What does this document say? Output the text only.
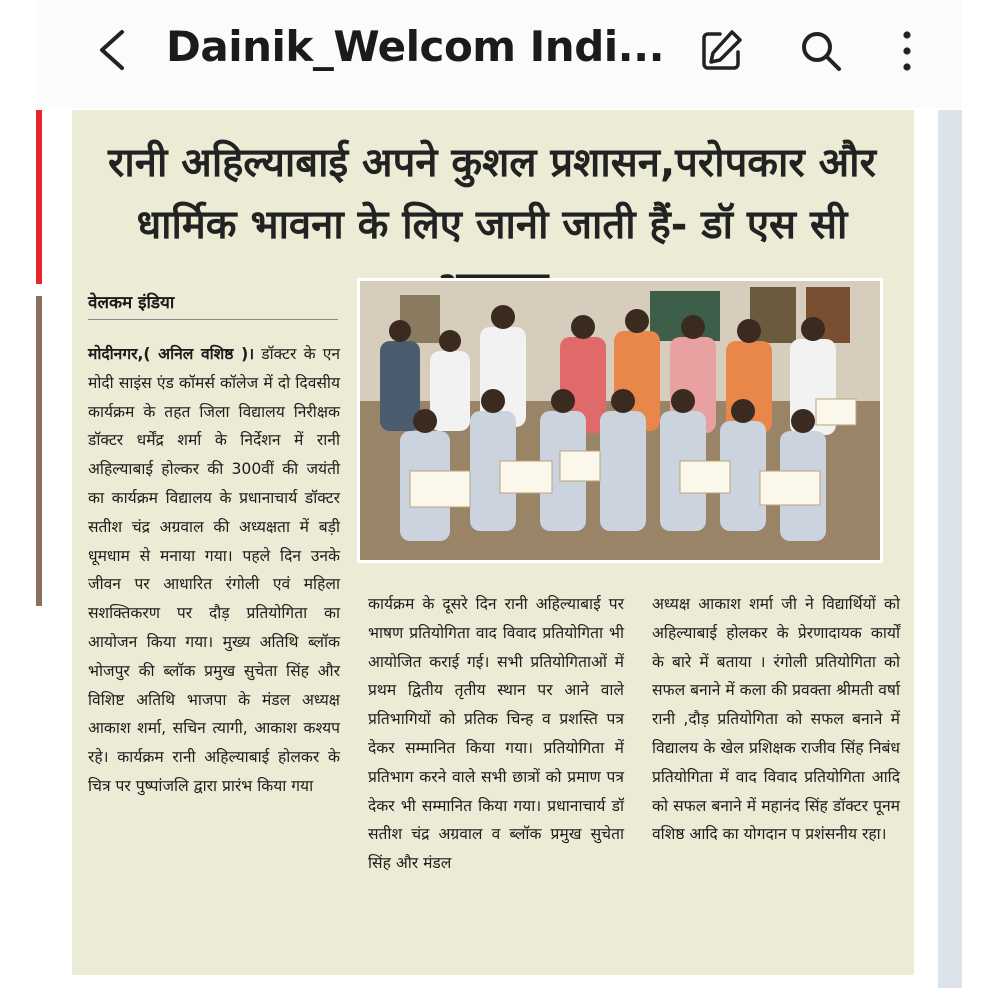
Dainik_Welcom Indi...
रानी अहिल्याबाई अपने कुशल प्रशासन,परोपकार और
धार्मिक भावना के लिए जानी जाती हैं- डॉ एस सी
वेलकम इंडिया
मोदीनगर,( अनिल वशिष्ठ )। डॉक्टर के एन मोदी साइंस एंड कॉमर्स कॉलेज में दो दिवसीय कार्यक्रम के तहत जिला विद्यालय निरीक्षक डॉक्टर धर्मेंद्र शर्मा के निर्देशन में रानी अहिल्याबाई होल्कर की 300वीं की जयंती का कार्यक्रम विद्यालय के प्रधानाचार्य डॉक्टर सतीश चंद्र अग्रवाल की अध्यक्षता में बड़ी धूमधाम से मनाया गया। पहले दिन उनके जीवन पर आधारित रंगोली एवं महिला सशक्तिकरण पर दौड़ प्रतियोगिता का आयोजन किया गया। मुख्य अतिथि ब्लॉक भोजपुर की ब्लॉक प्रमुख सुचेता सिंह और विशिष्ट अतिथि भाजपा के मंडल अध्यक्ष आकाश शर्मा, सचिन त्यागी, आकाश कश्यप रहे। कार्यक्रम रानी अहिल्याबाई होलकर के चित्र पर पुष्पांजलि द्वारा प्रारंभ किया गया
कार्यक्रम के दूसरे दिन रानी अहिल्याबाई पर भाषण प्रतियोगिता वाद विवाद प्रतियोगिता भी आयोजित कराई गई। सभी प्रतियोगिताओं में प्रथम द्वितीय तृतीय स्थान पर आने वाले प्रतिभागियों को प्रतिक चिन्ह व प्रशस्ति पत्र देकर सम्मानित किया गया। प्रतियोगिता में प्रतिभाग करने वाले सभी छात्रों को प्रमाण पत्र देकर भी सम्मानित किया गया। प्रधानाचार्य डॉ सतीश चंद्र अग्रवाल व ब्लॉक प्रमुख सुचेता सिंह और मंडल
अध्यक्ष आकाश शर्मा जी ने विद्यार्थियों को अहिल्याबाई होलकर के प्रेरणादायक कार्यों के बारे में बताया । रंगोली प्रतियोगिता को सफल बनाने में कला की प्रवक्ता श्रीमती वर्षा रानी ,दौड़ प्रतियोगिता को सफल बनाने में विद्यालय के खेल प्रशिक्षक राजीव सिंह निबंध प्रतियोगिता में वाद विवाद प्रतियोगिता आदि को सफल बनाने में महानंद सिंह डॉक्टर पूनम वशिष्ठ आदि का योगदान प प्रशंसनीय रहा।
